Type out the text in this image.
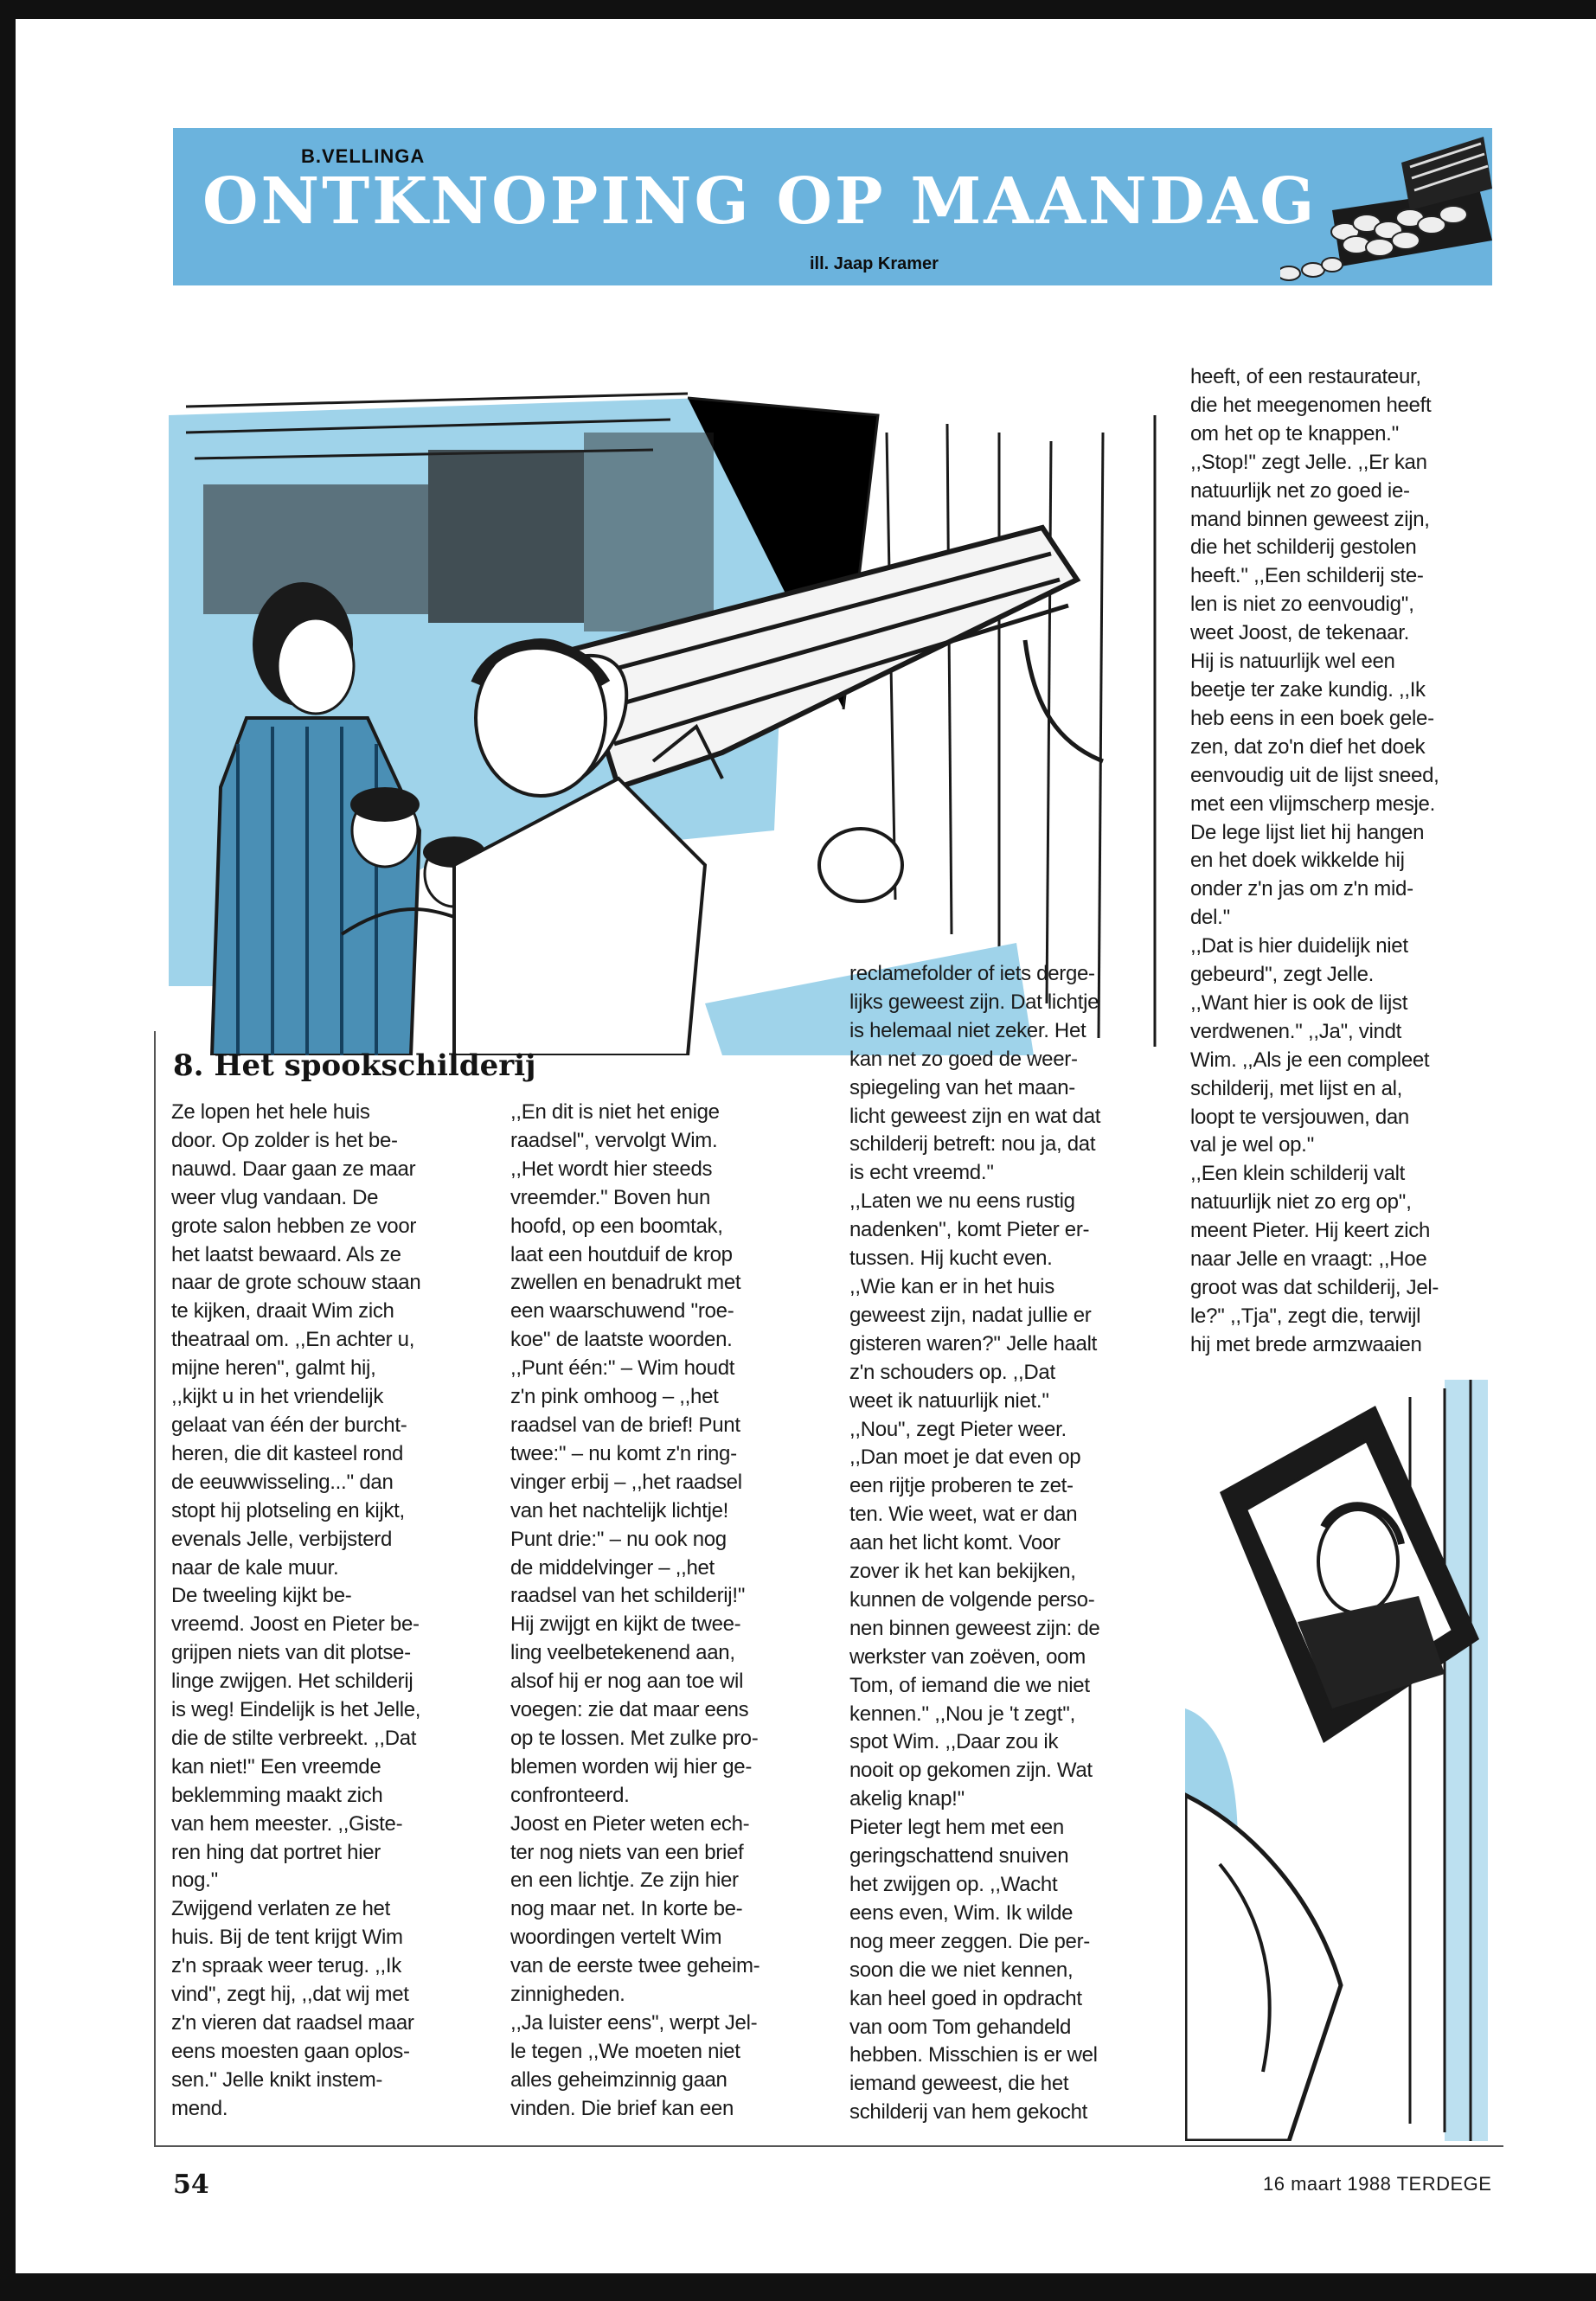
B.VELLINGA
ONTKNOPING OP MAANDAG
ill. Jaap Kramer
8. Het spookschilderij

Ze lopen het hele huis

door. Op zolder is het be-

nauwd. Daar gaan ze maar

weer vlug vandaan. De

grote salon hebben ze voor

het laatst bewaard. Als ze

naar de grote schouw staan

te kijken, draait Wim zich

theatraal om. ,,En achter u,

mijne heren'', galmt hij,

,,kijkt u in het vriendelijk

gelaat van één der burcht-

heren, die dit kasteel rond

de eeuwwisseling...'' dan

stopt hij plotseling en kijkt,

evenals Jelle, verbijsterd

naar de kale muur.

De tweeling kijkt be-

vreemd. Joost en Pieter be-

grijpen niets van dit plotse-

linge zwijgen. Het schilderij

is weg! Eindelijk is het Jelle,

die de stilte verbreekt. ,,Dat

kan niet!'' Een vreemde

beklemming maakt zich

van hem meester. ,,Giste-

ren hing dat portret hier

nog.''

Zwijgend verlaten ze het

huis. Bij de tent krijgt Wim

z'n spraak weer terug. ,,Ik

vind'', zegt hij, ,,dat wij met

z'n vieren dat raadsel maar

eens moesten gaan oplos-

sen.'' Jelle knikt instem-

mend.

,,En dit is niet het enige

raadsel'', vervolgt Wim.

,,Het wordt hier steeds

vreemder.'' Boven hun

hoofd, op een boomtak,

laat een houtduif de krop

zwellen en benadrukt met

een waarschuwend ''roe-

koe'' de laatste woorden.

,,Punt één:'' – Wim houdt

z'n pink omhoog – ,,het

raadsel van de brief! Punt

twee:'' – nu komt z'n ring-

vinger erbij – ,,het raadsel

van het nachtelijk lichtje!

Punt drie:'' – nu ook nog

de middelvinger – ,,het

raadsel van het schilderij!''

Hij zwijgt en kijkt de twee-

ling veelbetekenend aan,

alsof hij er nog aan toe wil

voegen: zie dat maar eens

op te lossen. Met zulke pro-

blemen worden wij hier ge-

confronteerd.

Joost en Pieter weten ech-

ter nog niets van een brief

en een lichtje. Ze zijn hier

nog maar net. In korte be-

woordingen vertelt Wim

van de eerste twee geheim-

zinnigheden.

,,Ja luister eens'', werpt Jel-

le tegen ,,We moeten niet

alles geheimzinnig gaan

vinden. Die brief kan een

reclamefolder of iets derge-

lijks geweest zijn. Dat lichtje

is helemaal niet zeker. Het

kan net zo goed de weer-

spiegeling van het maan-

licht geweest zijn en wat dat

schilderij betreft: nou ja, dat

is echt vreemd.''

,,Laten we nu eens rustig

nadenken'', komt Pieter er-

tussen. Hij kucht even.

,,Wie kan er in het huis

geweest zijn, nadat jullie er

gisteren waren?'' Jelle haalt

z'n schouders op. ,,Dat

weet ik natuurlijk niet.''

,,Nou'', zegt Pieter weer.

,,Dan moet je dat even op

een rijtje proberen te zet-

ten. Wie weet, wat er dan

aan het licht komt. Voor

zover ik het kan bekijken,

kunnen de volgende perso-

nen binnen geweest zijn: de

werkster van zoëven, oom

Tom, of iemand die we niet

kennen.'' ,,Nou je 't zegt'',

spot Wim. ,,Daar zou ik

nooit op gekomen zijn. Wat

akelig knap!''

Pieter legt hem met een

geringschattend snuiven

het zwijgen op. ,,Wacht

eens even, Wim. Ik wilde

nog meer zeggen. Die per-

soon die we niet kennen,

kan heel goed in opdracht

van oom Tom gehandeld

hebben. Misschien is er wel

iemand geweest, die het

schilderij van hem gekocht

heeft, of een restaurateur,

die het meegenomen heeft

om het op te knappen.''

,,Stop!'' zegt Jelle. ,,Er kan

natuurlijk net zo goed ie-

mand binnen geweest zijn,

die het schilderij gestolen

heeft.'' ,,Een schilderij ste-

len is niet zo eenvoudig'',

weet Joost, de tekenaar.

Hij is natuurlijk wel een

beetje ter zake kundig. ,,Ik

heb eens in een boek gele-

zen, dat zo'n dief het doek

eenvoudig uit de lijst sneed,

met een vlijmscherp mesje.

De lege lijst liet hij hangen

en het doek wikkelde hij

onder z'n jas om z'n mid-

del.''

,,Dat is hier duidelijk niet

gebeurd'', zegt Jelle.

,,Want hier is ook de lijst

verdwenen.'' ,,Ja'', vindt

Wim. ,,Als je een compleet

schilderij, met lijst en al,

loopt te versjouwen, dan

val je wel op.''

,,Een klein schilderij valt

natuurlijk niet zo erg op'',

meent Pieter. Hij keert zich

naar Jelle en vraagt: ,,Hoe

groot was dat schilderij, Jel-

le?'' ,,Tja'', zegt die, terwijl

hij met brede armzwaaien

54	16 maart 1988 TERDEGE
